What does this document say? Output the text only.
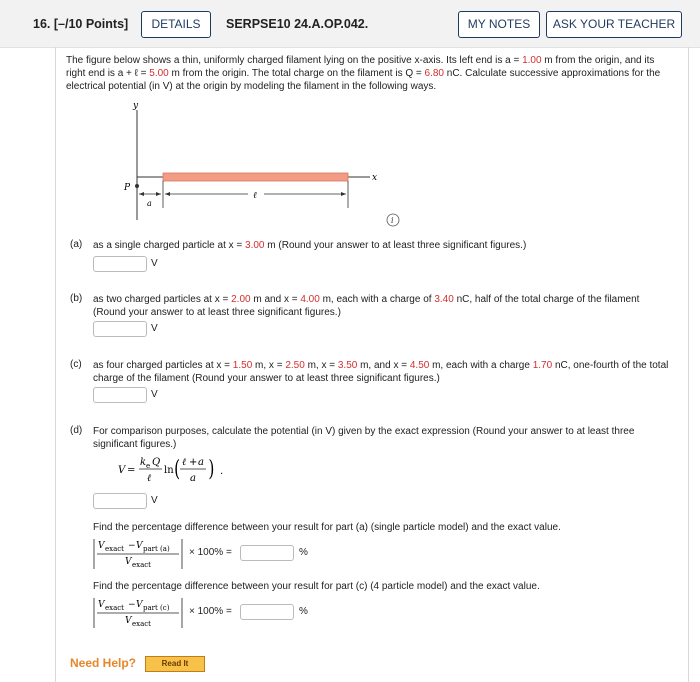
16. [–/10 Points]	DETAILS	SERPSE10 24.A.OP.042.	MY NOTES	ASK YOUR TEACHER
The figure below shows a thin, uniformly charged filament lying on the positive x-axis. Its left end is a = 1.00 m from the origin, and its right end is a + ℓ = 5.00 m from the origin. The total charge on the filament is Q = 6.80 nC. Calculate successive approximations for the electrical potential (in V) at the origin by modeling the filament in the following ways.
y
x
P
a
ℓ
i
(a) as a single charged particle at x = 3.00 m (Round your answer to at least three significant figures.)
V
(b) as two charged particles at x = 2.00 m and x = 4.00 m, each with a charge of 3.40 nC, half of the total charge of the filament (Round your answer to at least three significant figures.)
V
(c) as four charged particles at x = 1.50 m, x = 2.50 m, x = 3.50 m, and x = 4.50 m, each with a charge 1.70 nC, one-fourth of the total charge of the filament (Round your answer to at least three significant figures.)
V
(d) For comparison purposes, calculate the potential (in V) given by the exact expression (Round your answer to at least three significant figures.)
V =
k e Q
ℓ
ln ( ℓ + a
a ) .
V
Find the percentage difference between your result for part (a) (single particle model) and the exact value.
V exact − V part (a)
V exact
× 100% =	%
Find the percentage difference between your result for part (c) (4 particle model) and the exact value.
V exact − V part (c)
V exact
× 100% =	%
Need Help?	Read It
